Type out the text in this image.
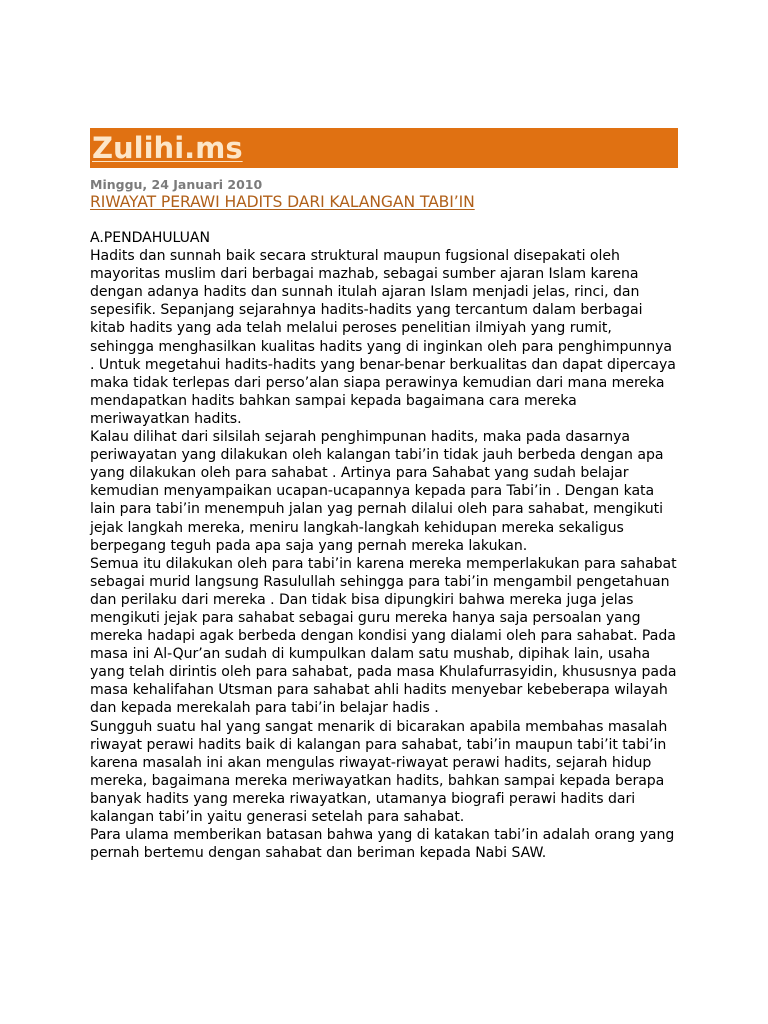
Zulihi.ms
Minggu, 24 Januari 2010
RIWAYAT PERAWI HADITS DARI KALANGAN TABI’IN

A.PENDAHULUAN

Hadits dan sunnah baik secara struktural maupun fugsional disepakati oleh mayoritas muslim dari berbagai mazhab, sebagai sumber ajaran Islam karena dengan adanya hadits dan sunnah itulah ajaran Islam menjadi jelas, rinci, dan sepesifik. Sepanjang sejarahnya hadits-hadits yang tercantum dalam berbagai kitab hadits yang ada telah melalui peroses penelitian ilmiyah yang rumit, sehingga menghasilkan kualitas hadits yang di inginkan oleh para penghimpunnya . Untuk megetahui hadits-hadits yang benar-benar berkualitas dan dapat dipercaya maka tidak terlepas dari perso’alan siapa perawinya kemudian dari mana mereka mendapatkan hadits bahkan sampai kepada bagaimana cara mereka meriwayatkan hadits.

Kalau dilihat dari silsilah sejarah penghimpunan hadits, maka pada dasarnya periwayatan yang dilakukan oleh kalangan tabi’in tidak jauh berbeda dengan apa yang dilakukan oleh para sahabat . Artinya para Sahabat yang sudah belajar kemudian menyampaikan ucapan-ucapannya kepada para Tabi’in . Dengan kata lain para tabi’in menempuh jalan yag pernah dilalui oleh para sahabat, mengikuti jejak langkah mereka, meniru langkah-langkah kehidupan mereka sekaligus berpegang teguh pada apa saja yang pernah mereka lakukan.

Semua itu dilakukan oleh para tabi’in karena mereka memperlakukan para sahabat sebagai murid langsung Rasulullah sehingga para tabi’in mengambil pengetahuan dan perilaku dari mereka . Dan tidak bisa dipungkiri bahwa mereka juga jelas mengikuti jejak para sahabat sebagai guru mereka hanya saja persoalan yang mereka hadapi agak berbeda dengan kondisi yang dialami oleh para sahabat. Pada masa ini Al-Qur’an sudah di kumpulkan dalam satu mushab, dipihak lain, usaha yang telah dirintis oleh para sahabat, pada masa Khulafurrasyidin, khususnya pada masa kehalifahan Utsman para sahabat ahli hadits menyebar kebeberapa wilayah dan kepada merekalah para tabi’in belajar hadis .

Sungguh suatu hal yang sangat menarik di bicarakan apabila membahas masalah riwayat perawi hadits baik di kalangan para sahabat, tabi’in maupun tabi’it tabi’in karena masalah ini akan mengulas riwayat-riwayat perawi hadits, sejarah hidup mereka, bagaimana mereka meriwayatkan hadits, bahkan sampai kepada berapa banyak hadits yang mereka riwayatkan, utamanya biografi perawi hadits dari kalangan tabi’in yaitu generasi setelah para sahabat.

Para ulama memberikan batasan bahwa yang di katakan tabi’in adalah orang yang pernah bertemu dengan sahabat dan beriman kepada Nabi SAW.
